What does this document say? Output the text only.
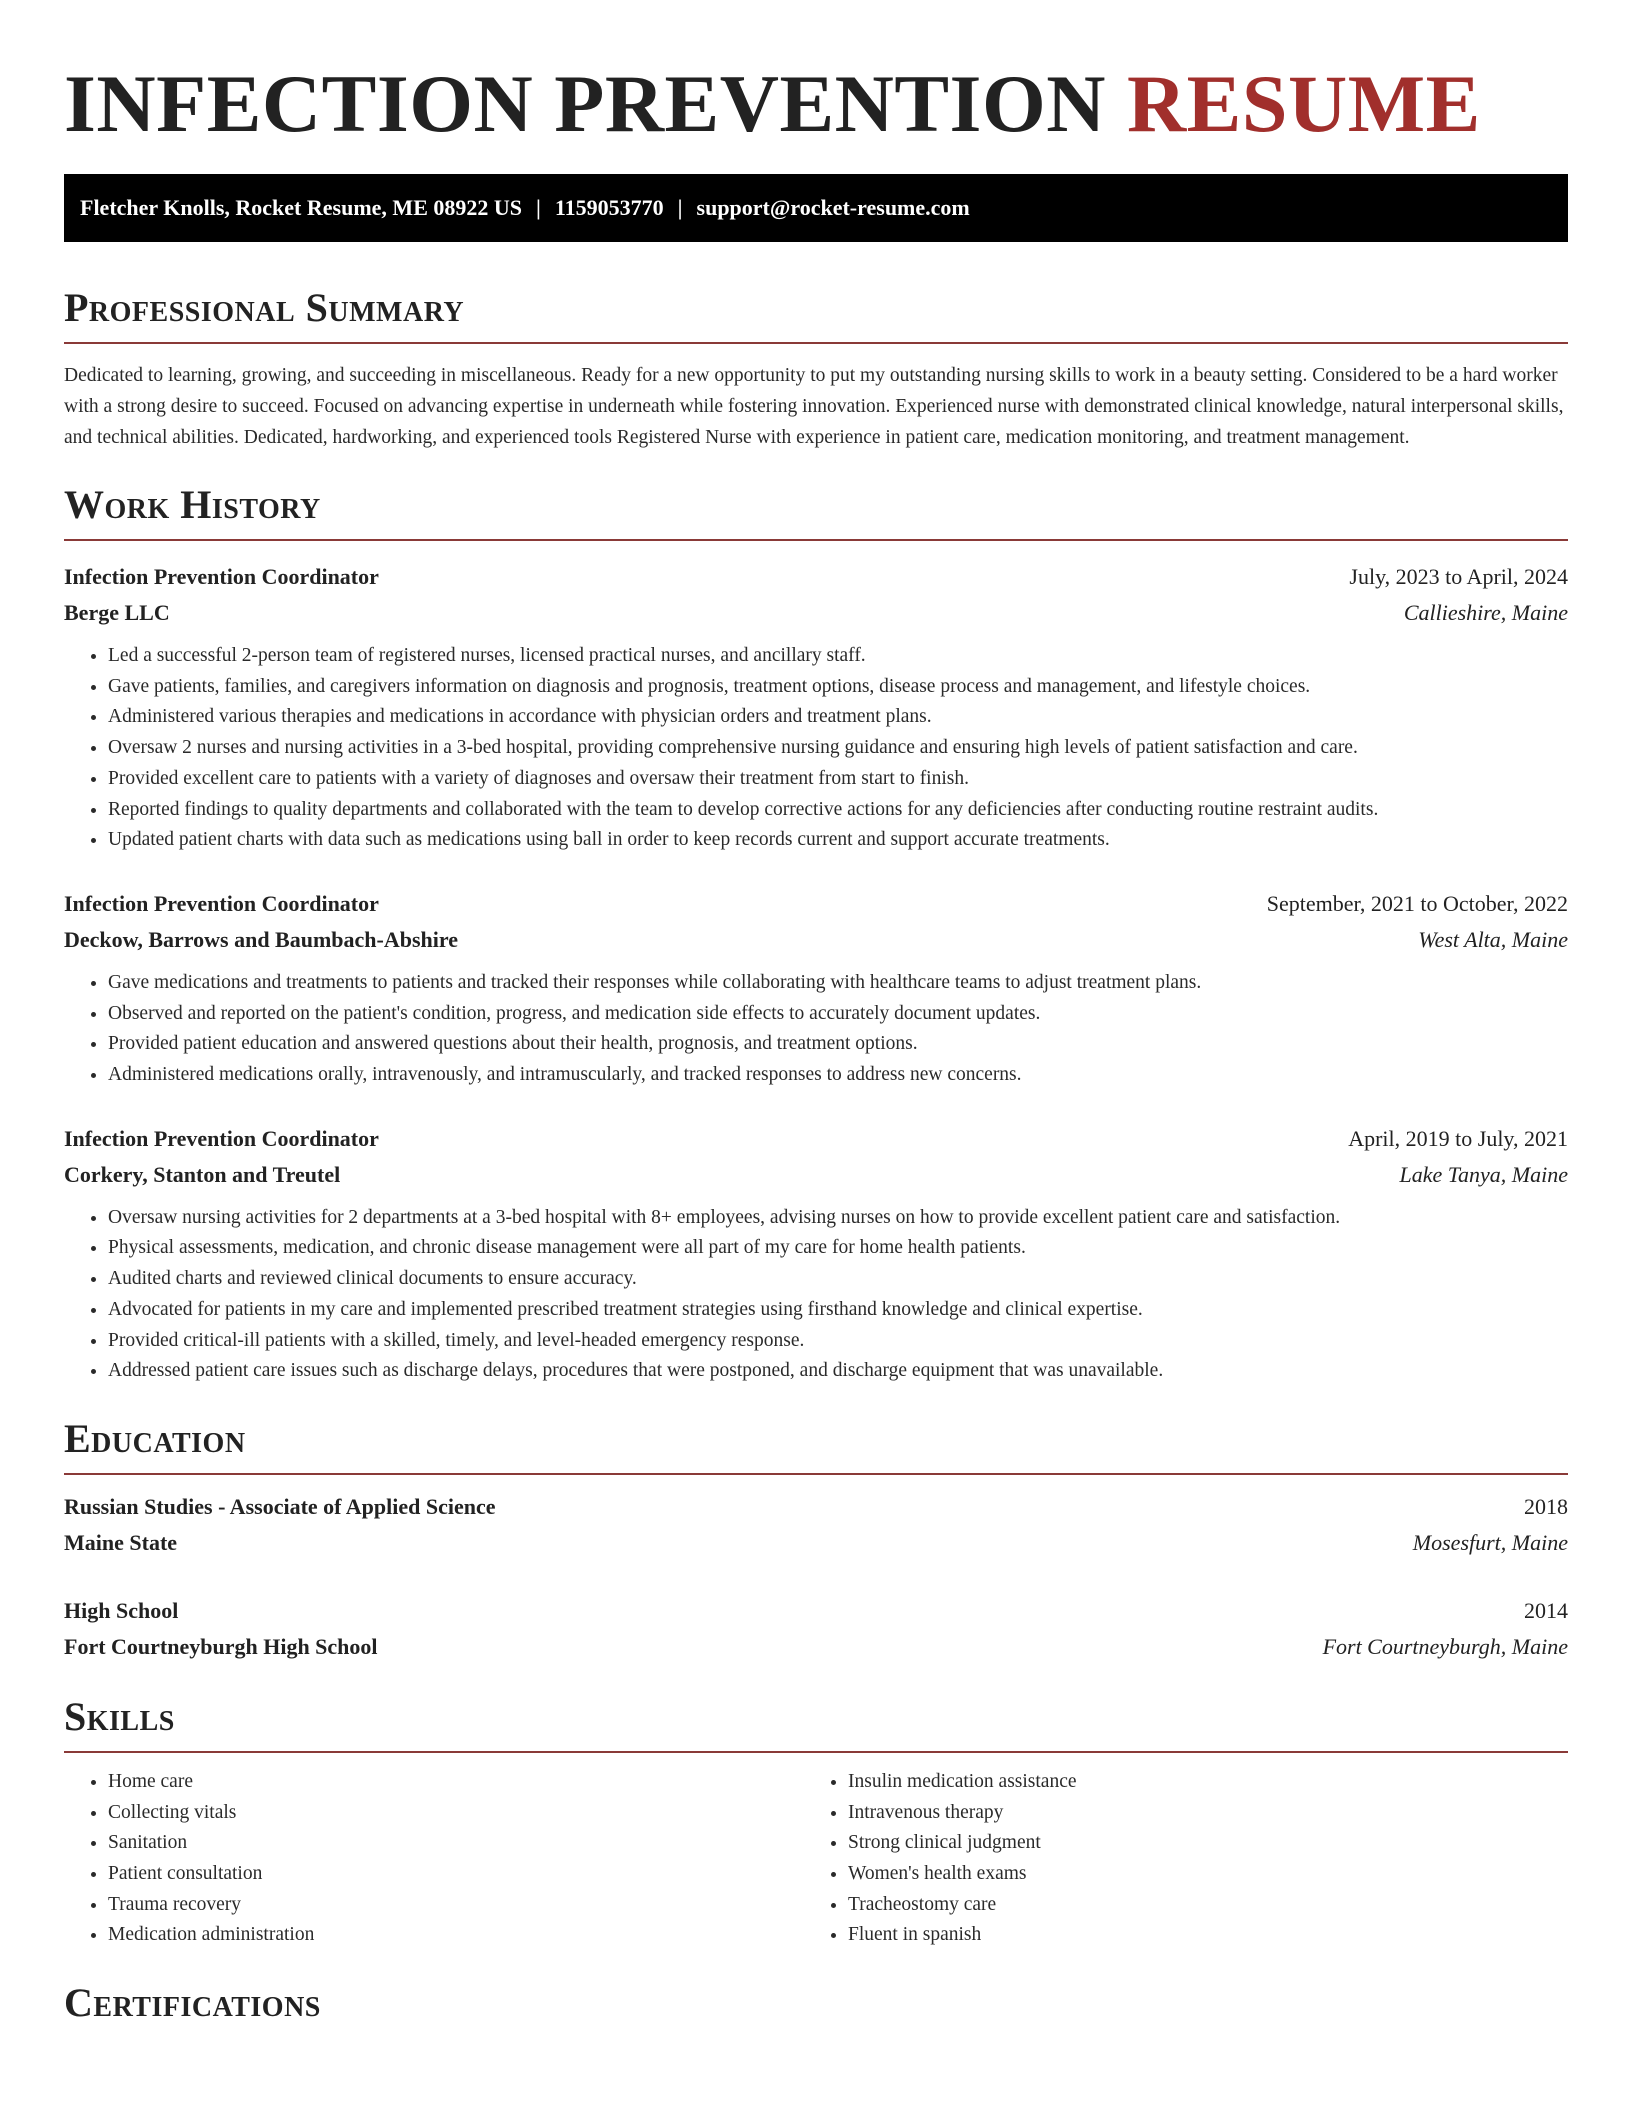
INFECTION PREVENTION RESUME
Fletcher Knolls, Rocket Resume, ME 08922 US | 1159053770 | support@rocket-resume.com
Professional Summary

Dedicated to learning, growing, and succeeding in miscellaneous. Ready for a new opportunity to put my outstanding nursing skills to work in a beauty setting. Considered to be a hard worker with a strong desire to succeed. Focused on advancing expertise in underneath while fostering innovation. Experienced nurse with demonstrated clinical knowledge, natural interpersonal skills, and technical abilities. Dedicated, hardworking, and experienced tools Registered Nurse with experience in patient care, medication monitoring, and treatment management.

Work History
Infection Prevention Coordinator	July, 2023 to April, 2024
Berge LLC	Callieshire, Maine
• Led a successful 2-person team of registered nurses, licensed practical nurses, and ancillary staff.
• Gave patients, families, and caregivers information on diagnosis and prognosis, treatment options, disease process and management, and lifestyle choices.
• Administered various therapies and medications in accordance with physician orders and treatment plans.
• Oversaw 2 nurses and nursing activities in a 3-bed hospital, providing comprehensive nursing guidance and ensuring high levels of patient satisfaction and care.
• Provided excellent care to patients with a variety of diagnoses and oversaw their treatment from start to finish.
• Reported findings to quality departments and collaborated with the team to develop corrective actions for any deficiencies after conducting routine restraint audits.
• Updated patient charts with data such as medications using ball in order to keep records current and support accurate treatments.
Infection Prevention Coordinator	September, 2021 to October, 2022
Deckow, Barrows and Baumbach-Abshire	West Alta, Maine
• Gave medications and treatments to patients and tracked their responses while collaborating with healthcare teams to adjust treatment plans.
• Observed and reported on the patient's condition, progress, and medication side effects to accurately document updates.
• Provided patient education and answered questions about their health, prognosis, and treatment options.
• Administered medications orally, intravenously, and intramuscularly, and tracked responses to address new concerns.
Infection Prevention Coordinator	April, 2019 to July, 2021
Corkery, Stanton and Treutel	Lake Tanya, Maine
• Oversaw nursing activities for 2 departments at a 3-bed hospital with 8+ employees, advising nurses on how to provide excellent patient care and satisfaction.
• Physical assessments, medication, and chronic disease management were all part of my care for home health patients.
• Audited charts and reviewed clinical documents to ensure accuracy.
• Advocated for patients in my care and implemented prescribed treatment strategies using firsthand knowledge and clinical expertise.
• Provided critical-ill patients with a skilled, timely, and level-headed emergency response.
• Addressed patient care issues such as discharge delays, procedures that were postponed, and discharge equipment that was unavailable.
Education
Russian Studies - Associate of Applied Science	2018
Maine State	Mosesfurt, Maine
High School	2014
Fort Courtneyburgh High School	Fort Courtneyburgh, Maine
Skills
• Home care
• Collecting vitals
• Sanitation
• Patient consultation
• Trauma recovery
• Medication administration
• Insulin medication assistance
• Intravenous therapy
• Strong clinical judgment
• Women's health exams
• Tracheostomy care
• Fluent in spanish
Certifications
